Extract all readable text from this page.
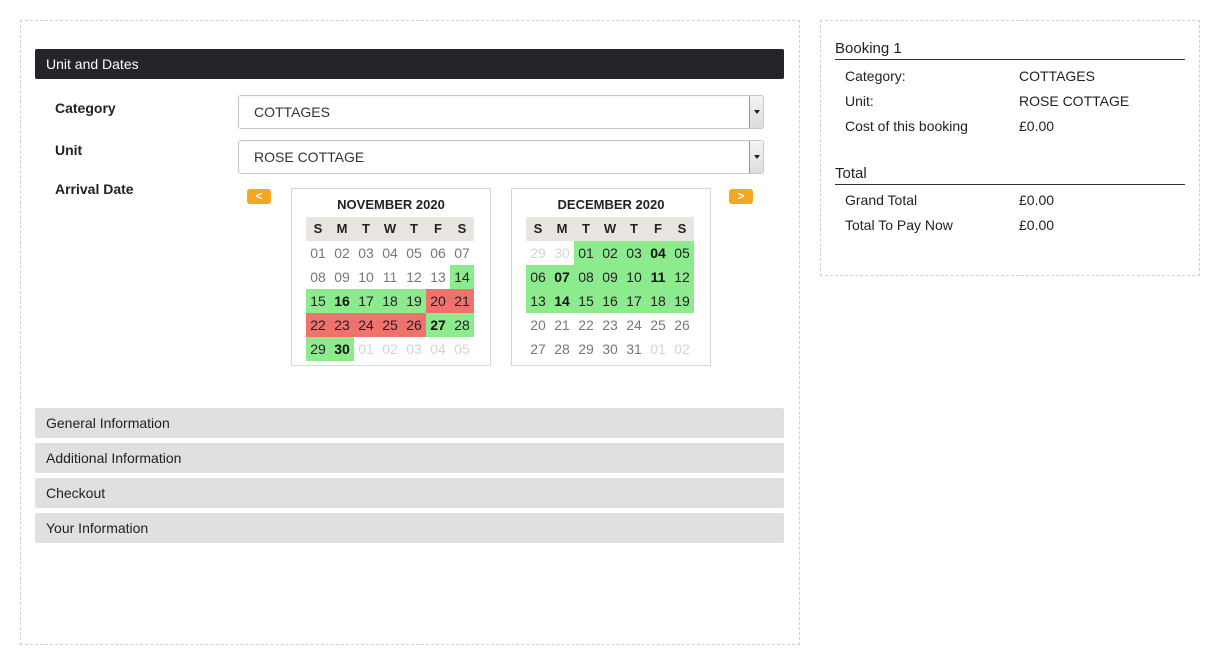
Unit and Dates
Category	COTTAGES
Unit	ROSE COTTAGE
Arrival Date	<	>
NOVEMBER 2020
S	M	T	W	T	F	S
01 02 03 04 05 06 07
08 09 10 11 12 13 14
15 16 17 18 19 20 21
22 23 24 25 26 27 28
29 30 01 02 03 04 05
DECEMBER 2020
S	M	T	W	T	F	S
29 30 01 02 03 04 05
06 07 08 09 10 11 12
13 14 15 16 17 18 19
20 21 22 23 24 25 26
27 28 29 30 31 01 02
General Information
Additional Information
Checkout
Your Information
Booking 1
Category:	COTTAGES
Unit:	ROSE COTTAGE
Cost of this booking	£0.00
Total
Grand Total	£0.00
Total To Pay Now	£0.00
